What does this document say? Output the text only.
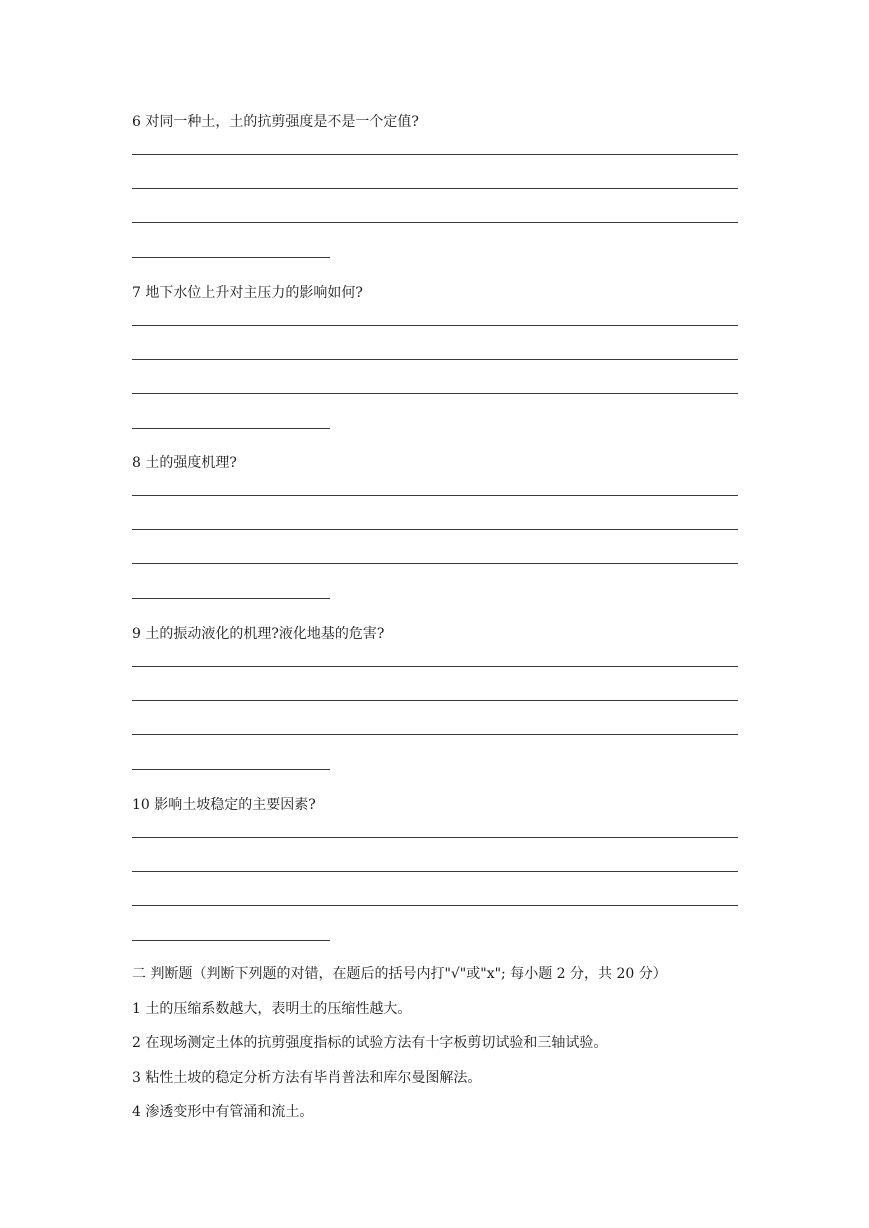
6 对同一种土，土的抗剪强度是不是一个定值?
7 地下水位上升对主压力的影响如何?
8 土的强度机理?
9 土的振动液化的机理?液化地基的危害?
10 影响土坡稳定的主要因素?
二 判断题（判断下列题的对错，在题后的括号内打"√"或"x"; 每小题 2 分，共 20 分）
1 土的压缩系数越大，表明土的压缩性越大。
2 在现场测定土体的抗剪强度指标的试验方法有十字板剪切试验和三轴试验。
3 粘性土坡的稳定分析方法有毕肖普法和库尔曼图解法。
4 渗透变形中有管涌和流土。
